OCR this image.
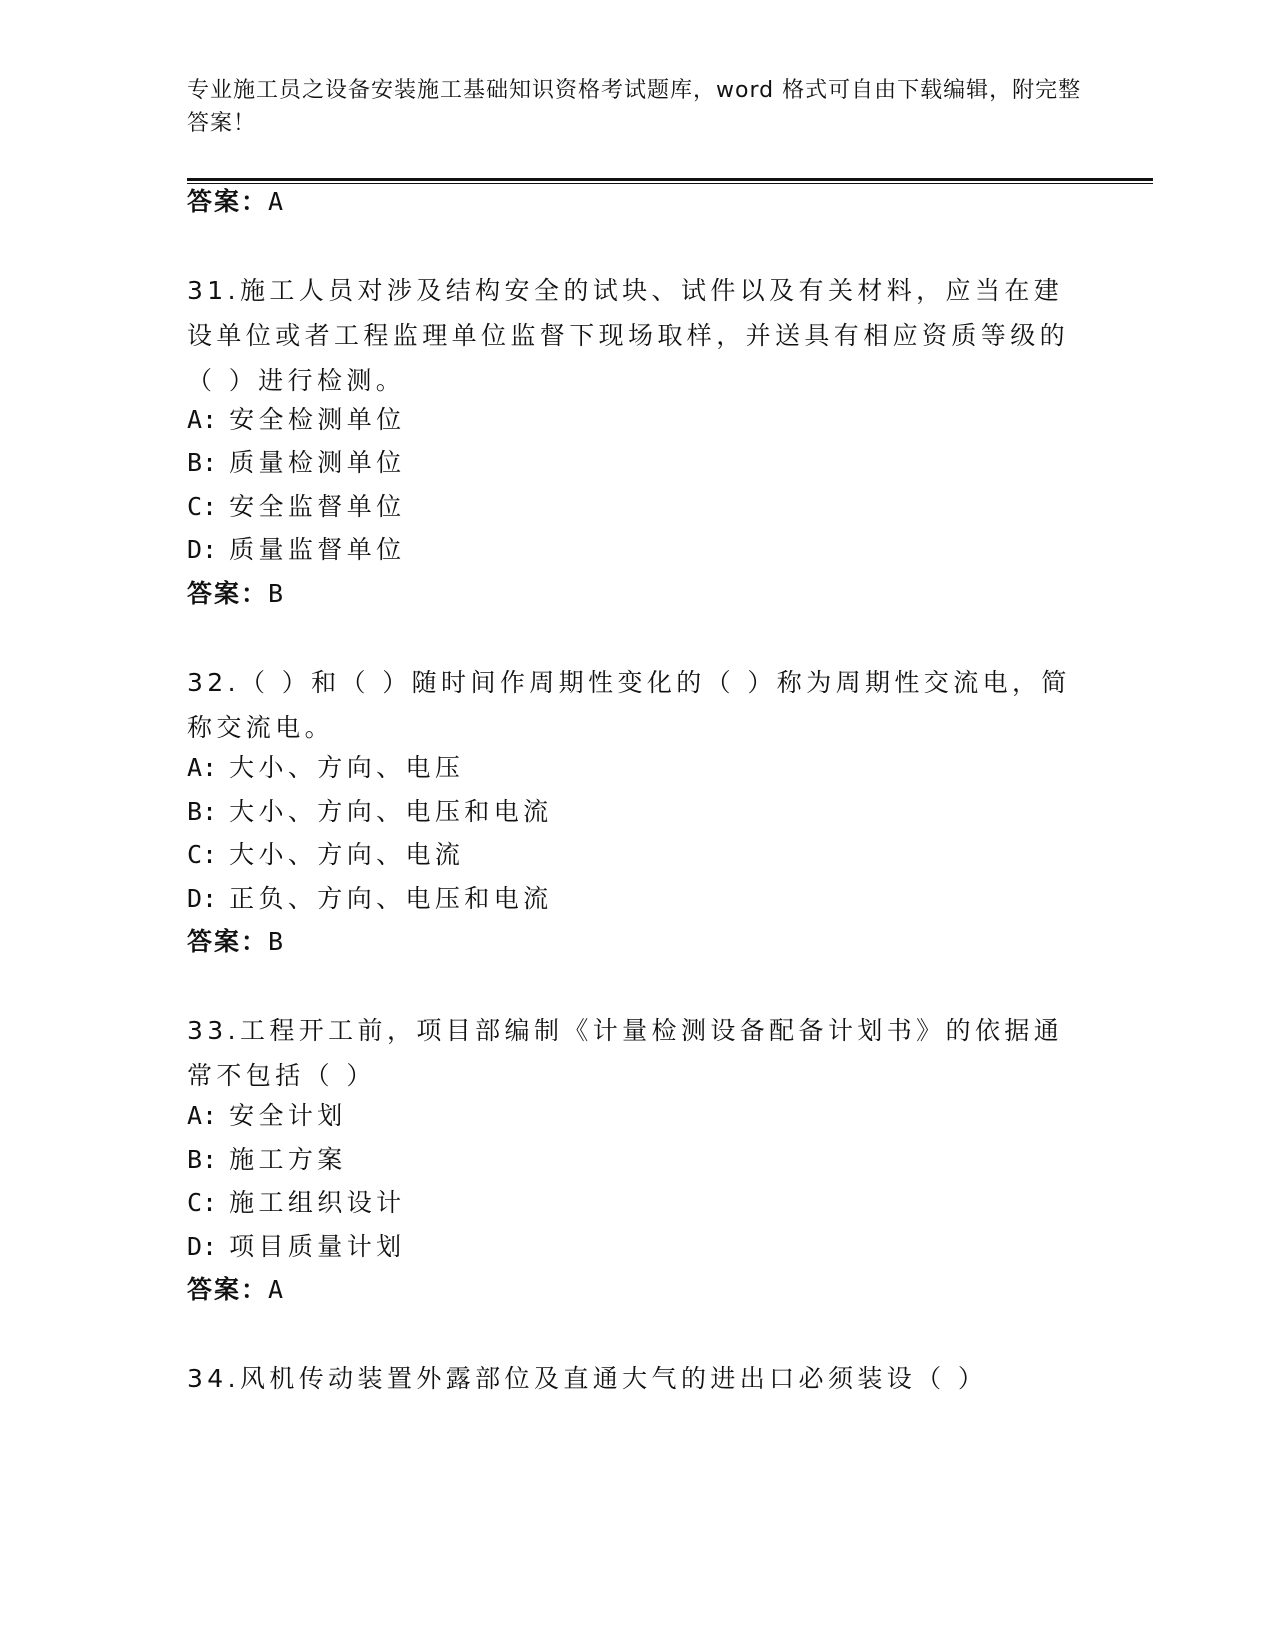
专业施工员之设备安装施工基础知识资格考试题库，word 格式可自由下载编辑，附完整答案！
答案：A
31.施工人员对涉及结构安全的试块、试件以及有关材料，应当在建设单位或者工程监理单位监督下现场取样，并送具有相应资质等级的（ ）进行检测。
A: 安全检测单位
B: 质量检测单位
C: 安全监督单位
D: 质量监督单位
答案：B
32.（ ）和（ ）随时间作周期性变化的（ ）称为周期性交流电，简称交流电。
A: 大小、方向、电压
B: 大小、方向、电压和电流
C: 大小、方向、电流
D: 正负、方向、电压和电流
答案：B
33.工程开工前，项目部编制《计量检测设备配备计划书》的依据通常不包括（ ）
A: 安全计划
B: 施工方案
C: 施工组织设计
D: 项目质量计划
答案：A
34.风机传动装置外露部位及直通大气的进出口必须装设（ ）
